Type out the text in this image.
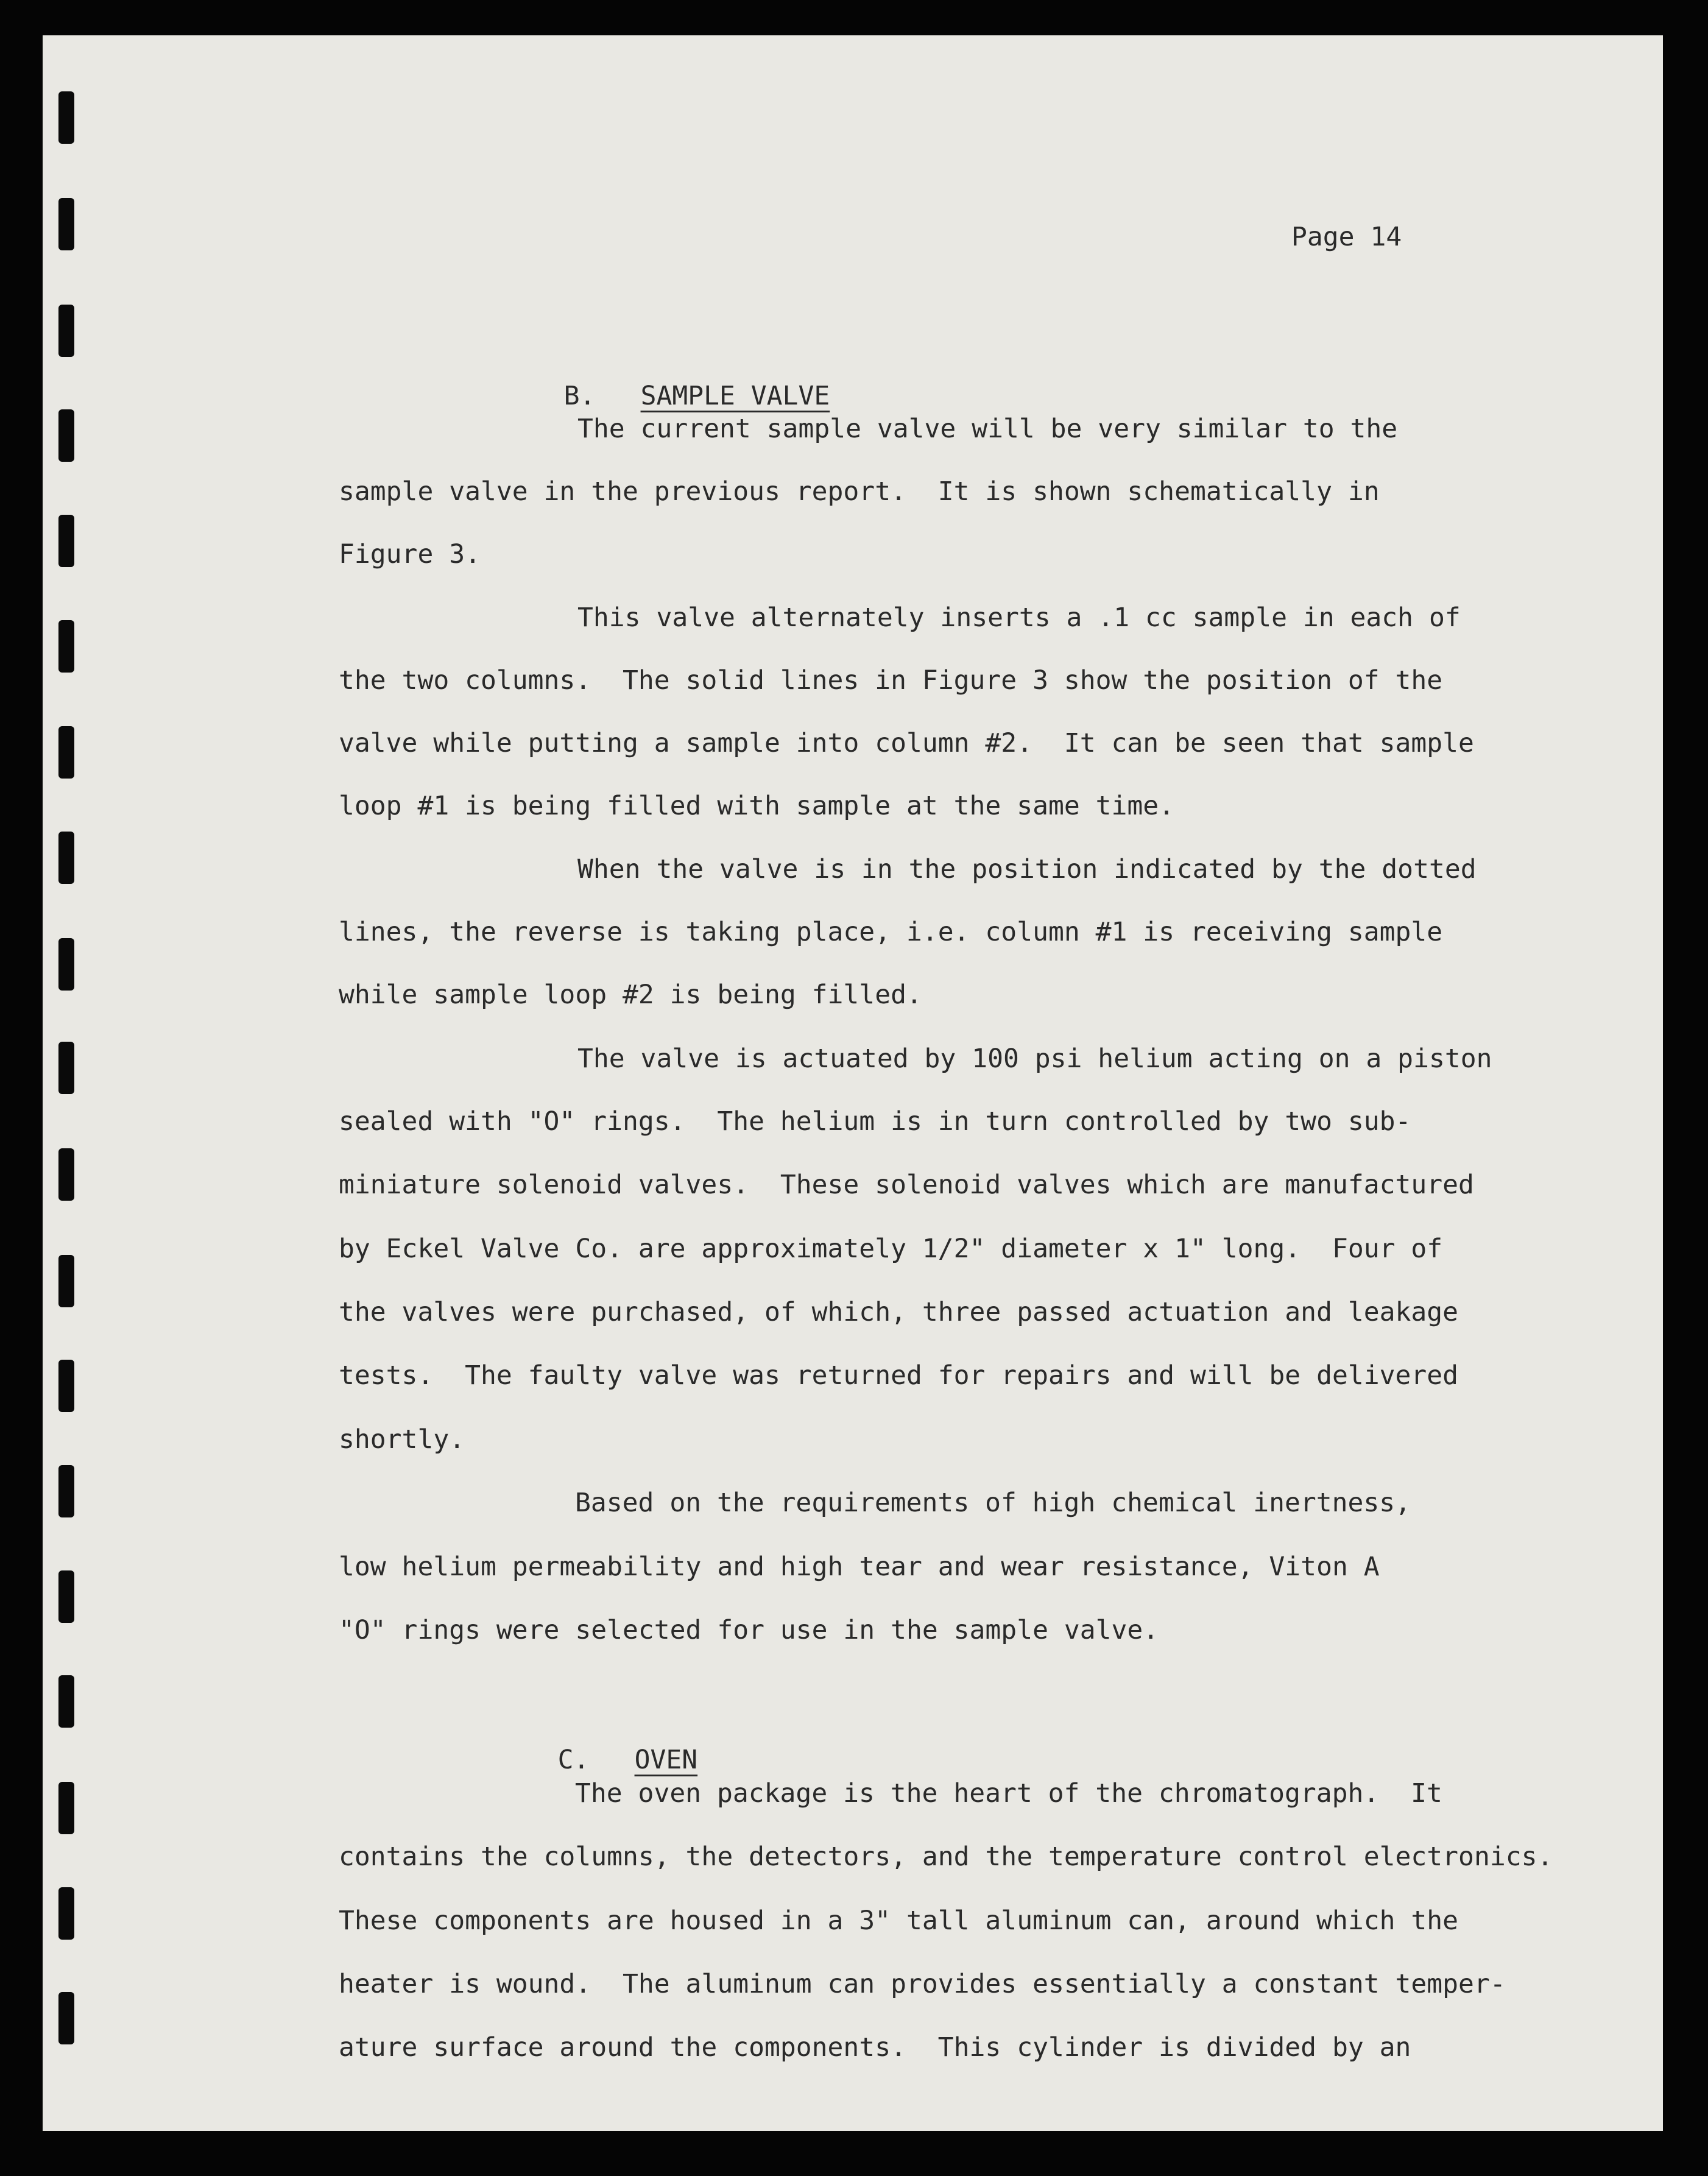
Page 14

B. SAMPLE VALVE

The current sample valve will be very similar to the
sample valve in the previous report.  It is shown schematically in
Figure 3.
This valve alternately inserts a .1 cc sample in each of
the two columns.  The solid lines in Figure 3 show the position of the
valve while putting a sample into column #2.  It can be seen that sample
loop #1 is being filled with sample at the same time.
When the valve is in the position indicated by the dotted
lines, the reverse is taking place, i.e. column #1 is receiving sample
while sample loop #2 is being filled.
The valve is actuated by 100 psi helium acting on a piston
sealed with "O" rings.  The helium is in turn controlled by two sub-
miniature solenoid valves.  These solenoid valves which are manufactured
by Eckel Valve Co. are approximately 1/2" diameter x 1" long.  Four of
the valves were purchased, of which, three passed actuation and leakage
tests.  The faulty valve was returned for repairs and will be delivered
shortly.
Based on the requirements of high chemical inertness,
low helium permeability and high tear and wear resistance, Viton A
"O" rings were selected for use in the sample valve.

C. OVEN

The oven package is the heart of the chromatograph.  It
contains the columns, the detectors, and the temperature control electronics.
These components are housed in a 3" tall aluminum can, around which the
heater is wound.  The aluminum can provides essentially a constant temper-
ature surface around the components.  This cylinder is divided by an
